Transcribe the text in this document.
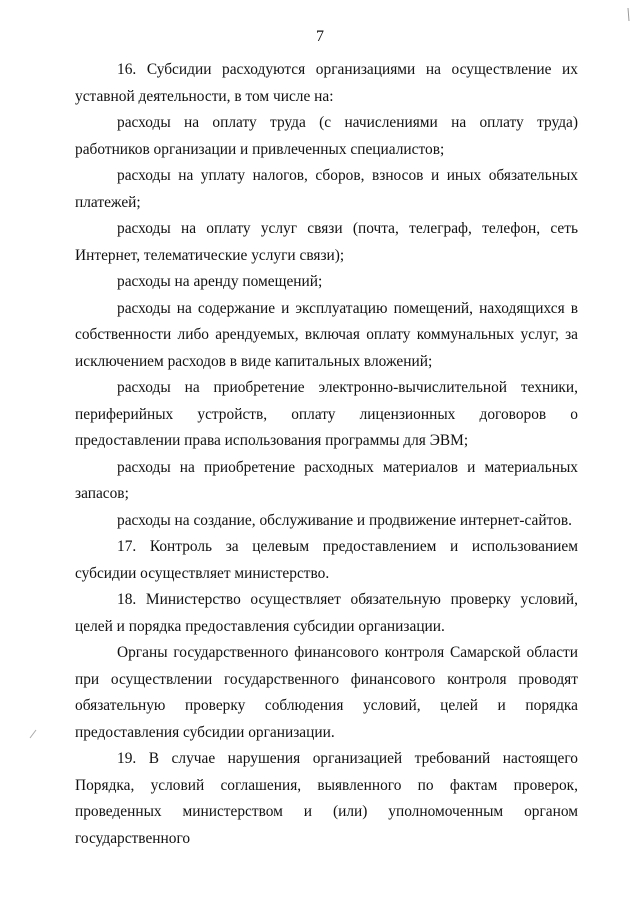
7

16. Субсидии расходуются организациями на осуществление их уставной деятельности, в том числе на:

расходы на оплату труда (с начислениями на оплату труда) работников организации и привлеченных специалистов;

расходы на уплату налогов, сборов, взносов и иных обязательных платежей;

расходы на оплату услуг связи (почта, телеграф, телефон, сеть Интернет, телематические услуги связи);

расходы на аренду помещений;

расходы на содержание и эксплуатацию помещений, находящихся в собственности либо арендуемых, включая оплату коммунальных услуг, за исключением расходов в виде капитальных вложений;

расходы на приобретение электронно-вычислительной техники, периферийных устройств, оплату лицензионных договоров о предоставлении права использования программы для ЭВМ;

расходы на приобретение расходных материалов и материальных запасов;

расходы на создание, обслуживание и продвижение интернет-сайтов.

17. Контроль за целевым предоставлением и использованием субсидии осуществляет министерство.

18. Министерство осуществляет обязательную проверку условий, целей и порядка предоставления субсидии организации.

Органы государственного финансового контроля Самарской области при осуществлении государственного финансового контроля проводят обязательную проверку соблюдения условий, целей и порядка предоставления субсидии организации.

19. В случае нарушения организацией требований настоящего Порядка, условий соглашения, выявленного по фактам проверок, проведенных министерством и (или) уполномоченным органом государственного
